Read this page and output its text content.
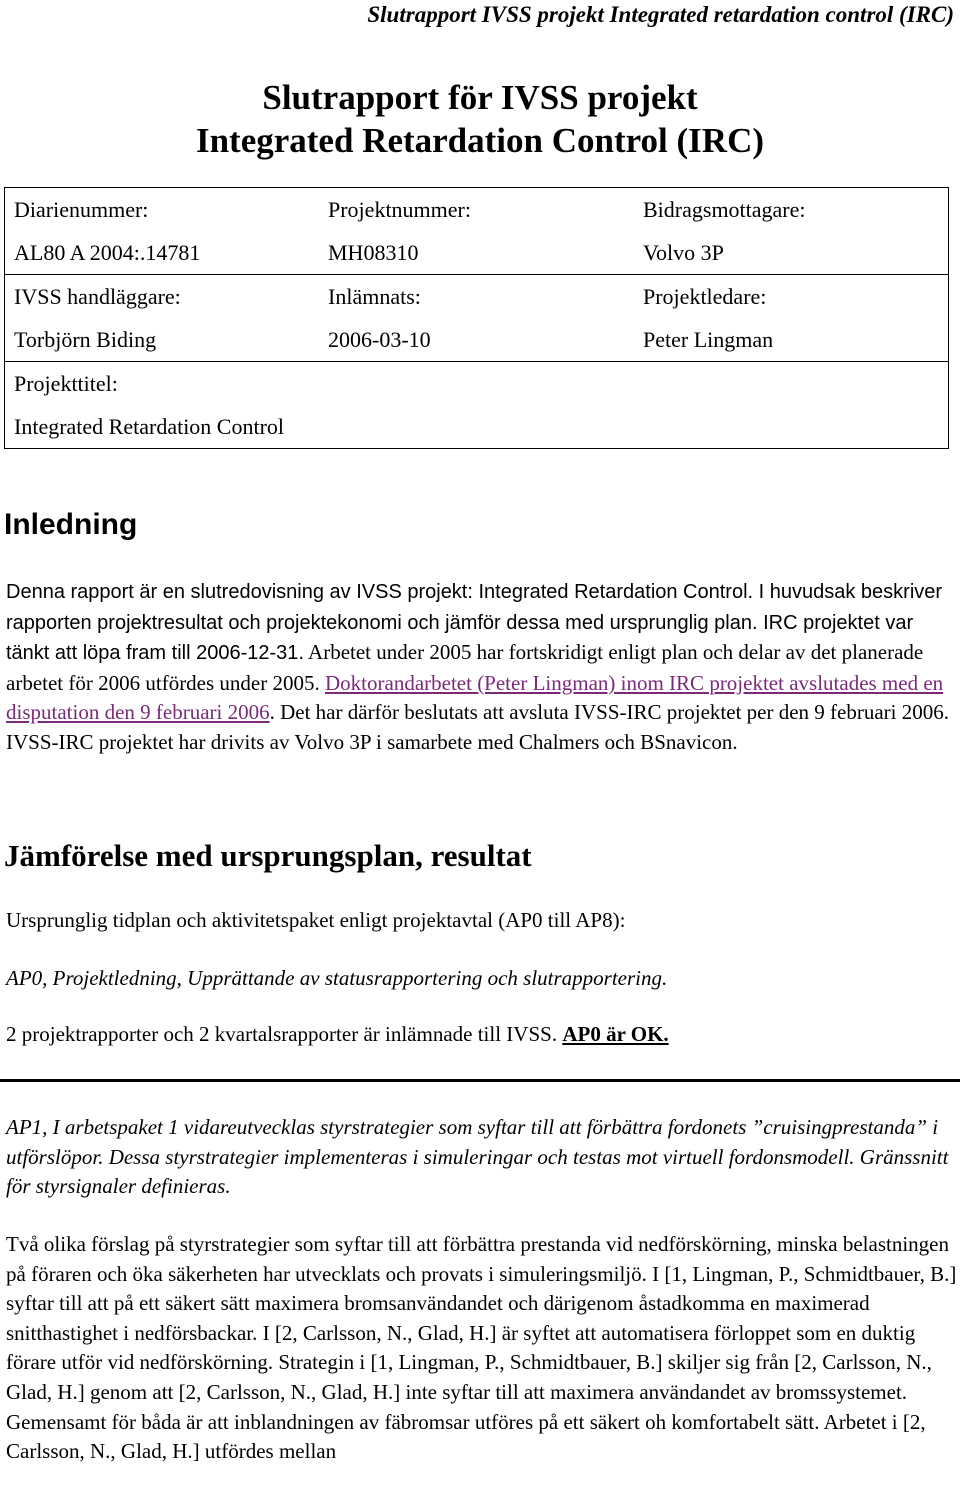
Slutrapport IVSS projekt Integrated retardation control (IRC)
Slutrapport för IVSS projekt
Integrated Retardation Control (IRC)
Diarienummer:	Projektnummer:	Bidragsmottagare:
AL80 A 2004:.14781	MH08310	Volvo 3P
IVSS handläggare:	Inlämnats:	Projektledare:
Torbjörn Biding	2006-03-10	Peter Lingman
Projekttitel:		
Integrated Retardation Control		
Inledning

Denna rapport är en slutredovisning av IVSS projekt: Integrated Retardation Control. I huvudsak beskriver rapporten projektresultat och projektekonomi och jämför dessa med ursprunglig plan. IRC projektet var tänkt att löpa fram till 2006-12-31. Arbetet under 2005 har fortskridigt enligt plan och delar av det planerade arbetet för 2006 utfördes under 2005. Doktorandarbetet (Peter Lingman) inom IRC projektet avslutades med en disputation den 9 februari 2006. Det har därför beslutats att avsluta IVSS-IRC projektet per den 9 februari 2006. IVSS-IRC projektet har drivits av Volvo 3P i samarbete med Chalmers och BSnavicon.

Jämförelse med ursprungsplan, resultat

Ursprunglig tidplan och aktivitetspaket enligt projektavtal (AP0 till AP8):

AP0, Projektledning, Upprättande av statusrapportering och slutrapportering.

2 projektrapporter och 2 kvartalsrapporter är inlämnade till IVSS. AP0 är OK.

AP1, I arbetspaket 1 vidareutvecklas styrstrategier som syftar till att förbättra fordonets ”cruisingprestanda” i utförslöpor. Dessa styrstrategier implementeras i simuleringar och testas mot virtuell fordonsmodell. Gränssnitt för styrsignaler definieras.

Två olika förslag på styrstrategier som syftar till att förbättra prestanda vid nedförskörning, minska belastningen på föraren och öka säkerheten har utvecklats och provats i simuleringsmiljö. I [1, Lingman, P., Schmidtbauer, B.] syftar till att på ett säkert sätt maximera bromsanvändandet och därigenom åstadkomma en maximerad snitthastighet i nedförsbackar. I [2, Carlsson, N., Glad, H.] är syftet att automatisera förloppet som en duktig förare utför vid nedförskörning. Strategin i [1, Lingman, P., Schmidtbauer, B.] skiljer sig från [2, Carlsson, N., Glad, H.] genom att [2, Carlsson, N., Glad, H.] inte syftar till att maximera användandet av bromssystemet. Gemensamt för båda är att inblandningen av fäbromsar utföres på ett säkert oh komfortabelt sätt. Arbetet i [2, Carlsson, N., Glad, H.] utfördes mellan
